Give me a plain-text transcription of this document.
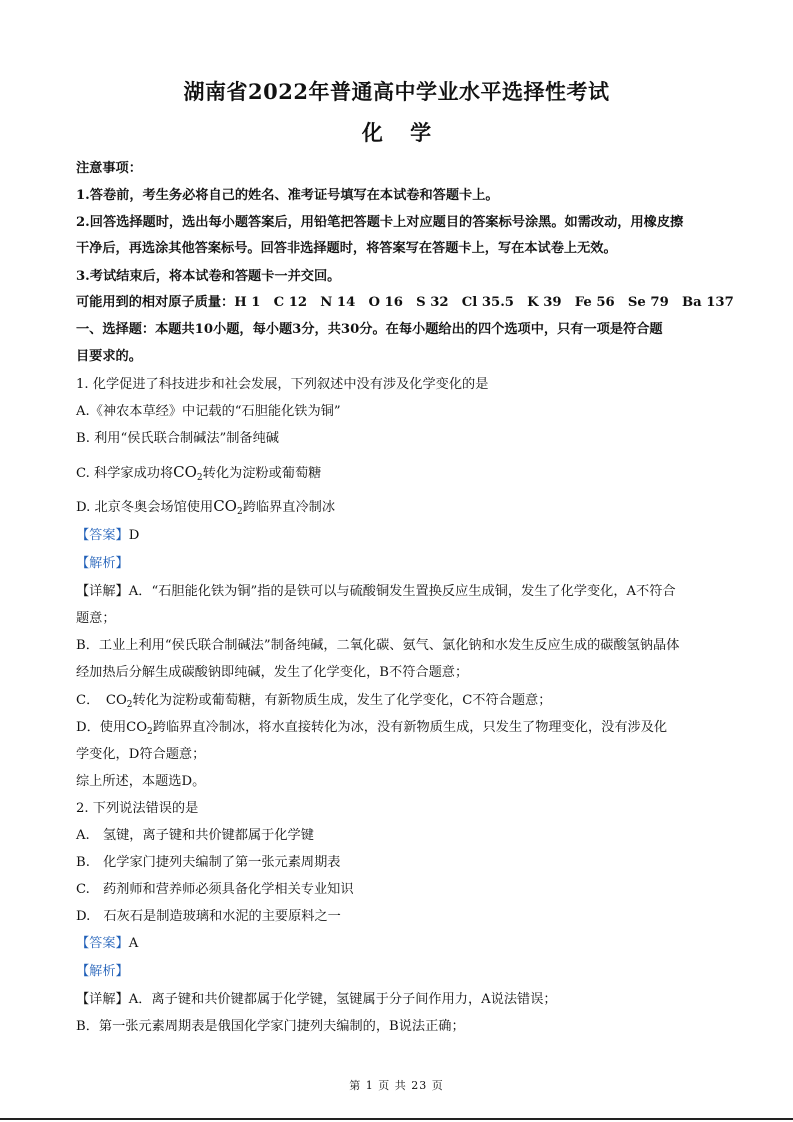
湖南省2022年普通高中学业水平选择性考试
化 学
注意事项：
1.答卷前，考生务必将自己的姓名、准考证号填写在本试卷和答题卡上。
2.回答选择题时，选出每小题答案后，用铅笔把答题卡上对应题目的答案标号涂黑。如需改动，用橡皮擦
干净后，再选涂其他答案标号。回答非选择题时，将答案写在答题卡上，写在本试卷上无效。
3.考试结束后，将本试卷和答题卡一并交回。
可能用到的相对原子质量：H 1　C 12　N 14　O 16　S 32　Cl 35.5　K 39　Fe 56　Se 79　Ba 137
一、选择题：本题共10小题，每小题3分，共30分。在每小题给出的四个选项中，只有一项是符合题
目要求的。
1. 化学促进了科技进步和社会发展，下列叙述中没有涉及化学变化的是
A.《神农本草经》中记载的“石胆能化铁为铜”
B. 利用“侯氏联合制碱法”制备纯碱
C. 科学家成功将$CO_2$转化为淀粉或葡萄糖
D. 北京冬奥会场馆使用$CO_2$跨临界直冷制冰
【答案】D
【解析】
【详解】A．“石胆能化铁为铜”指的是铁可以与硫酸铜发生置换反应生成铜，发生了化学变化，A不符合
题意；
B．工业上利用“侯氏联合制碱法”制备纯碱，二氧化碳、氨气、氯化钠和水发生反应生成的碳酸氢钠晶体
经加热后分解生成碳酸钠即纯碱，发生了化学变化，B不符合题意；
C．　$CO_2$转化为淀粉或葡萄糖，有新物质生成，发生了化学变化，C不符合题意；
D．使用$CO_2$跨临界直冷制冰，将水直接转化为冰，没有新物质生成，只发生了物理变化，没有涉及化
学变化，D符合题意；
综上所述，本题选D。
2. 下列说法错误的是
A.　氢键，离子键和共价键都属于化学键
B.　化学家门捷列夫编制了第一张元素周期表
C.　药剂师和营养师必须具备化学相关专业知识
D.　石灰石是制造玻璃和水泥的主要原料之一
【答案】A
【解析】
【详解】A．离子键和共价键都属于化学键，氢键属于分子间作用力，A说法错误；
B．第一张元素周期表是俄国化学家门捷列夫编制的，B说法正确；
第 1 页 共 23 页
